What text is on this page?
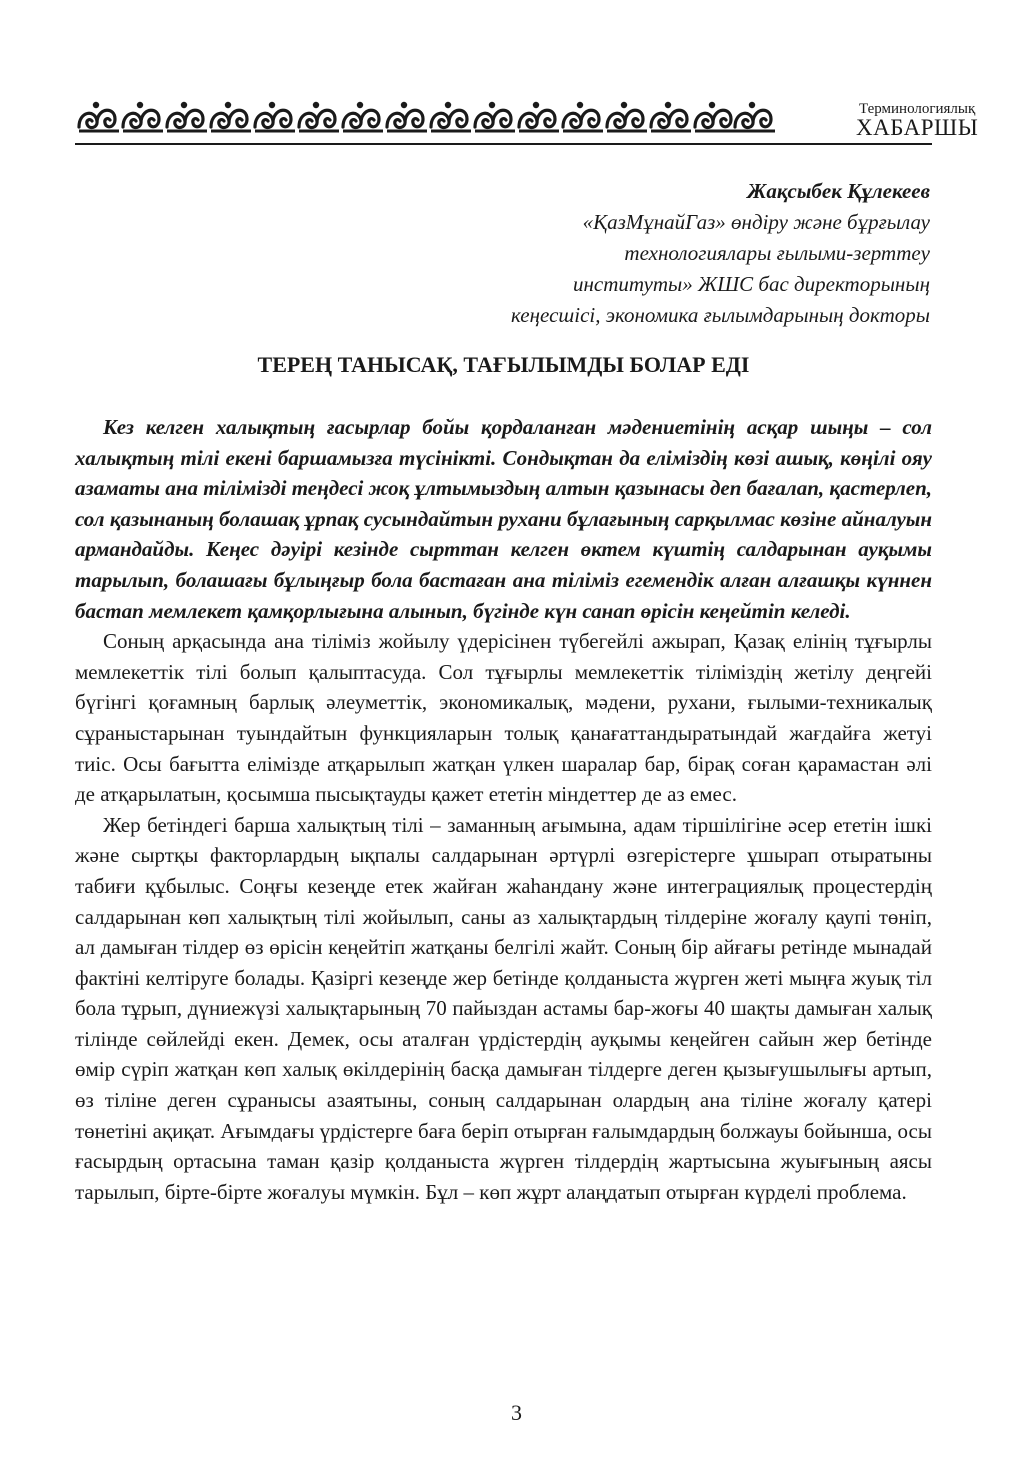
Терминологиялық
ХАБАРШЫ
Жақсыбек Құлекеев
«ҚазМұнайГаз» өндіру және бұрғылау
технологиялары ғылыми-зерттеу
институты» ЖШС бас директорының
кеңесшісі, экономика ғылымдарының докторы
ТЕРЕҢ ТАНЫСАҚ, ТАҒЫЛЫМДЫ БОЛАР ЕДІ

Кез келген халықтың ғасырлар бойы қордаланған мәдениетінің асқар шыңы – сол халықтың тілі екені баршамызға түсінікті. Сондықтан да еліміздің көзі ашық, көңілі ояу азаматы ана тілімізді теңдесі жоқ ұлтымыздың алтын қазынасы деп бағалап, қастерлеп, сол қазынаның болашақ ұрпақ сусындайтын рухани бұлағының сарқылмас көзіне айналуын армандайды. Кеңес дәуірі кезінде сырттан келген өктем күштің салдарынан ауқымы тарылып, болашағы бұлыңғыр бола бастаған ана тіліміз егемендік алған алғашқы күннен бастап мемлекет қамқорлығына алынып, бүгінде күн санап өрісін кеңейтіп келеді.

Соның арқасында ана тіліміз жойылу үдерісінен түбегейлі ажырап, Қазақ елінің тұғырлы мемлекеттік тілі болып қалыптасуда. Сол тұғырлы мемлекеттік тіліміздің жетілу деңгейі бүгінгі қоғамның барлық әлеуметтік, экономикалық, мәдени, рухани, ғылыми-техникалық сұраныстарынан туындайтын функцияларын толық қанағаттандыратындай жағдайға жетуі тиіс. Осы бағытта елімізде атқарылып жатқан үлкен шаралар бар, бірақ соған қарамастан әлі де атқарылатын, қосымша пысықтауды қажет ететін міндеттер де аз емес.

Жер бетіндегі барша халықтың тілі – заманның ағымына, адам тіршілігіне әсер ететін ішкі және сыртқы факторлардың ықпалы салдарынан әртүрлі өзгерістерге ұшырап отыратыны табиғи құбылыс. Соңғы кезеңде етек жайған жаһандану және интеграциялық процестердің салдарынан көп халықтың тілі жойылып, саны аз халықтардың тілдеріне жоғалу қаупі төніп, ал дамыған тілдер өз өрісін кеңейтіп жатқаны белгілі жайт. Соның бір айғағы ретінде мынадай фактіні келтіруге болады. Қазіргі кезеңде жер бетінде қолданыста жүрген жеті мыңға жуық тіл бола тұрып, дүниежүзі халықтарының 70 пайыздан астамы бар-жоғы 40 шақты дамыған халық тілінде сөйлейді екен. Демек, осы аталған үрдістердің ауқымы кеңейген сайын жер бетінде өмір сүріп жатқан көп халық өкілдерінің басқа дамыған тілдерге деген қызығушылығы артып, өз тіліне деген сұранысы азаятыны, соның салдарынан олардың ана тіліне жоғалу қатері төнетіні ақиқат. Ағымдағы үрдістерге баға беріп отырған ғалымдардың болжауы бойынша, осы ғасырдың ортасына таман қазір қолданыста жүрген тілдердің жартысына жуығының аясы тарылып, бірте-бірте жоғалуы мүмкін. Бұл – көп жұрт алаңдатып отырған күрделі проблема.

3
